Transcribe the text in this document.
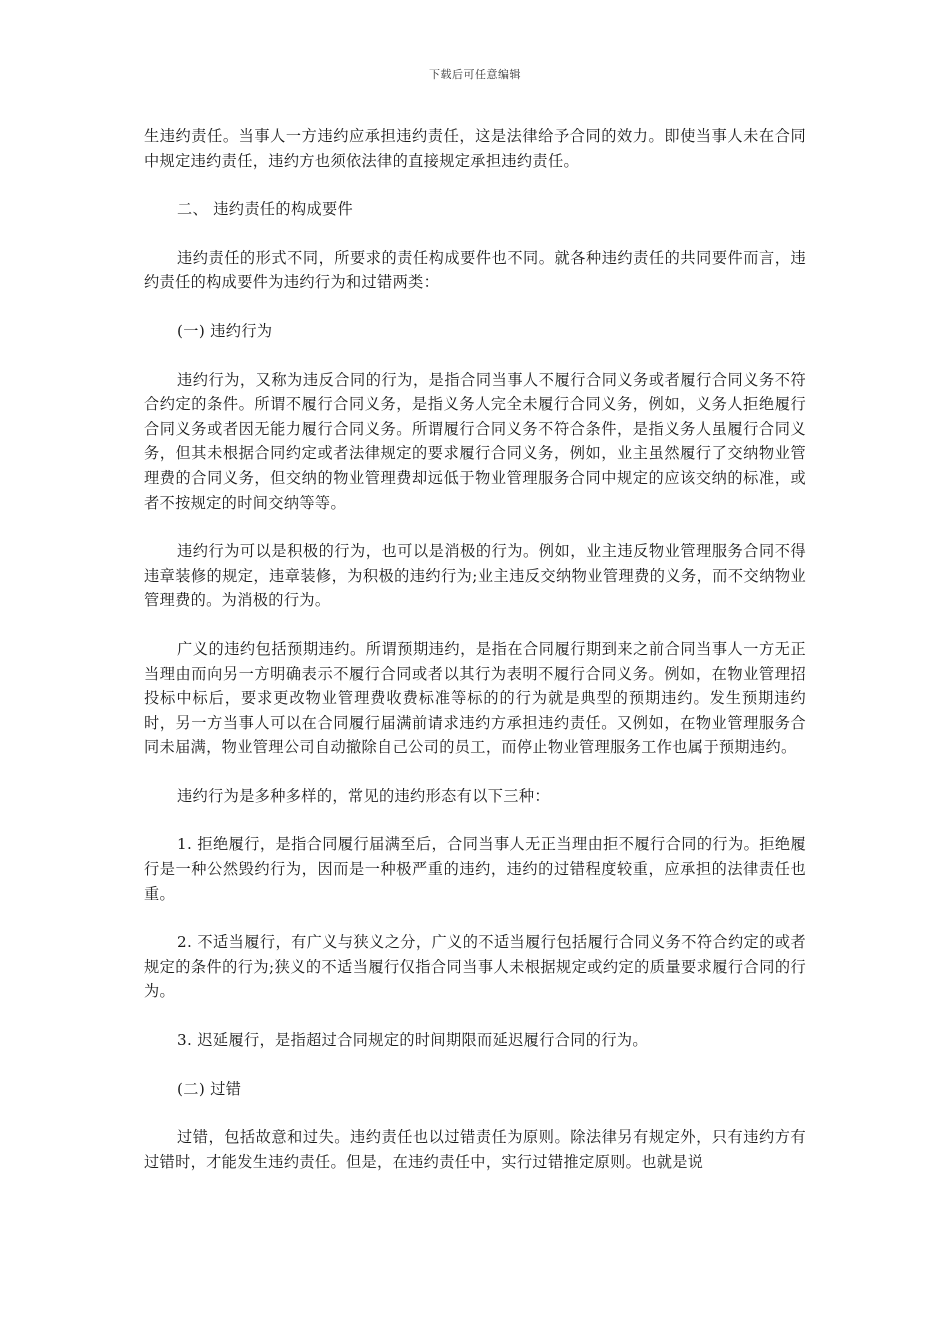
下载后可任意编辑

生违约责任。当事人一方违约应承担违约责任，这是法律给予合同的效力。即使当事人未在合同中规定违约责任，违约方也须依法律的直接规定承担违约责任。

二、 违约责任的构成要件

违约责任的形式不同，所要求的责任构成要件也不同。就各种违约责任的共同要件而言，违约责任的构成要件为违约行为和过错两类：

(一) 违约行为

违约行为，又称为违反合同的行为，是指合同当事人不履行合同义务或者履行合同义务不符合约定的条件。所谓不履行合同义务，是指义务人完全未履行合同义务，例如，义务人拒绝履行合同义务或者因无能力履行合同义务。所谓履行合同义务不符合条件，是指义务人虽履行合同义务，但其未根据合同约定或者法律规定的要求履行合同义务，例如，业主虽然履行了交纳物业管理费的合同义务，但交纳的物业管理费却远低于物业管理服务合同中规定的应该交纳的标准，或者不按规定的时间交纳等等。

违约行为可以是积极的行为，也可以是消极的行为。例如，业主违反物业管理服务合同不得违章装修的规定，违章装修，为积极的违约行为;业主违反交纳物业管理费的义务，而不交纳物业管理费的。为消极的行为。

广义的违约包括预期违约。所谓预期违约，是指在合同履行期到来之前合同当事人一方无正当理由而向另一方明确表示不履行合同或者以其行为表明不履行合同义务。例如，在物业管理招投标中标后，要求更改物业管理费收费标准等标的的行为就是典型的预期违约。发生预期违约时，另一方当事人可以在合同履行届满前请求违约方承担违约责任。又例如，在物业管理服务合同未届满，物业管理公司自动撤除自己公司的员工，而停止物业管理服务工作也属于预期违约。

违约行为是多种多样的，常见的违约形态有以下三种：

1. 拒绝履行，是指合同履行届满至后，合同当事人无正当理由拒不履行合同的行为。拒绝履行是一种公然毁约行为，因而是一种极严重的违约，违约的过错程度较重，应承担的法律责任也重。

2. 不适当履行，有广义与狭义之分，广义的不适当履行包括履行合同义务不符合约定的或者规定的条件的行为;狭义的不适当履行仅指合同当事人未根据规定或约定的质量要求履行合同的行为。

3. 迟延履行，是指超过合同规定的时间期限而延迟履行合同的行为。

(二) 过错

过错，包括故意和过失。违约责任也以过错责任为原则。除法律另有规定外，只有违约方有过错时，才能发生违约责任。但是，在违约责任中，实行过错推定原则。也就是说
